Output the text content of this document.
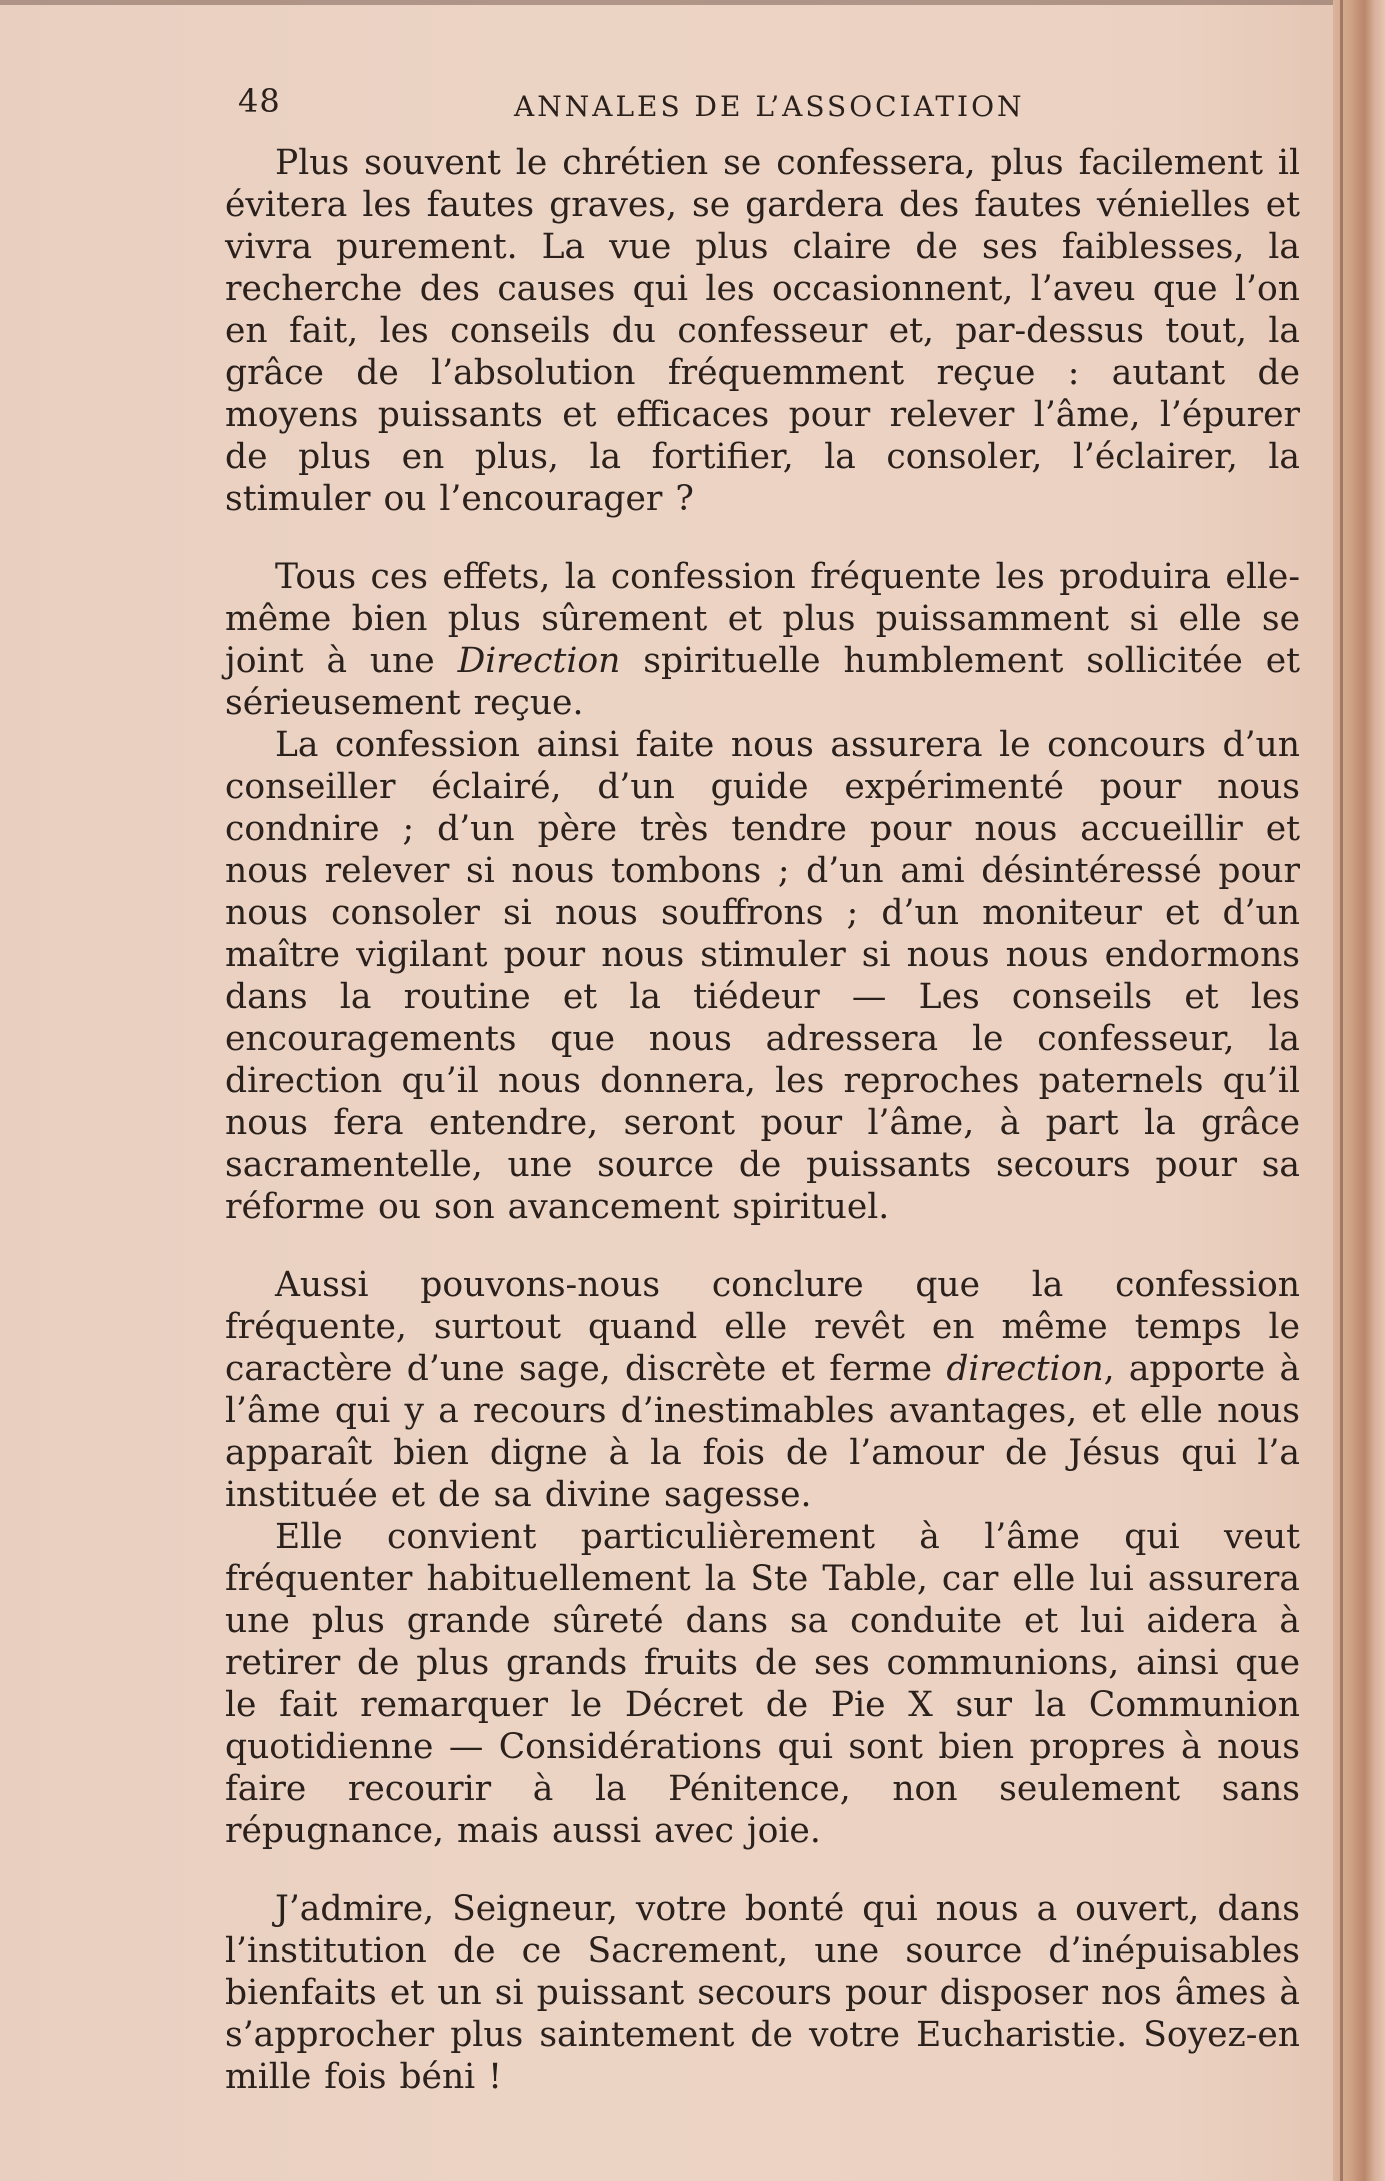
48	ANNALES DE L’ASSOCIATION

Plus souvent le chrétien se confessera, plus facilement il évitera les fautes graves, se gardera des fautes vénielles et vivra purement. La vue plus claire de ses faiblesses, la recherche des causes qui les occasionnent, l’aveu que l’on en fait, les conseils du confesseur et, par-dessus tout, la grâce de l’absolution fréquemment reçue : autant de moyens puissants et efficaces pour relever l’âme, l’épurer de plus en plus, la fortifier, la consoler, l’éclairer, la stimuler ou l’encourager ?

Tous ces effets, la confession fréquente les produira elle-même bien plus sûrement et plus puissamment si elle se joint à une Direction spirituelle humblement sollicitée et sérieusement reçue.

La confession ainsi faite nous assurera le concours d’un conseiller éclairé, d’un guide expérimenté pour nous condnire ; d’un père très tendre pour nous accueillir et nous relever si nous tombons ; d’un ami désintéressé pour nous consoler si nous souffrons ; d’un moniteur et d’un maître vigilant pour nous stimuler si nous nous endormons dans la routine et la tiédeur — Les conseils et les encouragements que nous adressera le confesseur, la direction qu’il nous donnera, les reproches paternels qu’il nous fera entendre, seront pour l’âme, à part la grâce sacramentelle, une source de puissants secours pour sa réforme ou son avancement spirituel.

Aussi pouvons-nous conclure que la confession fréquente, surtout quand elle revêt en même temps le caractère d’une sage, discrète et ferme direction, apporte à l’âme qui y a recours d’inestimables avantages, et elle nous apparaît bien digne à la fois de l’amour de Jésus qui l’a instituée et de sa divine sagesse.

Elle convient particulièrement à l’âme qui veut fréquenter habituellement la Ste Table, car elle lui assurera une plus grande sûreté dans sa conduite et lui aidera à retirer de plus grands fruits de ses communions, ainsi que le fait remarquer le Décret de Pie X sur la Communion quotidienne — Considérations qui sont bien propres à nous faire recourir à la Pénitence, non seulement sans répugnance, mais aussi avec joie.

J’admire, Seigneur, votre bonté qui nous a ouvert, dans l’institution de ce Sacrement, une source d’inépuisables bienfaits et un si puissant secours pour disposer nos âmes à s’approcher plus saintement de votre Eucharistie. Soyez-en mille fois béni !
